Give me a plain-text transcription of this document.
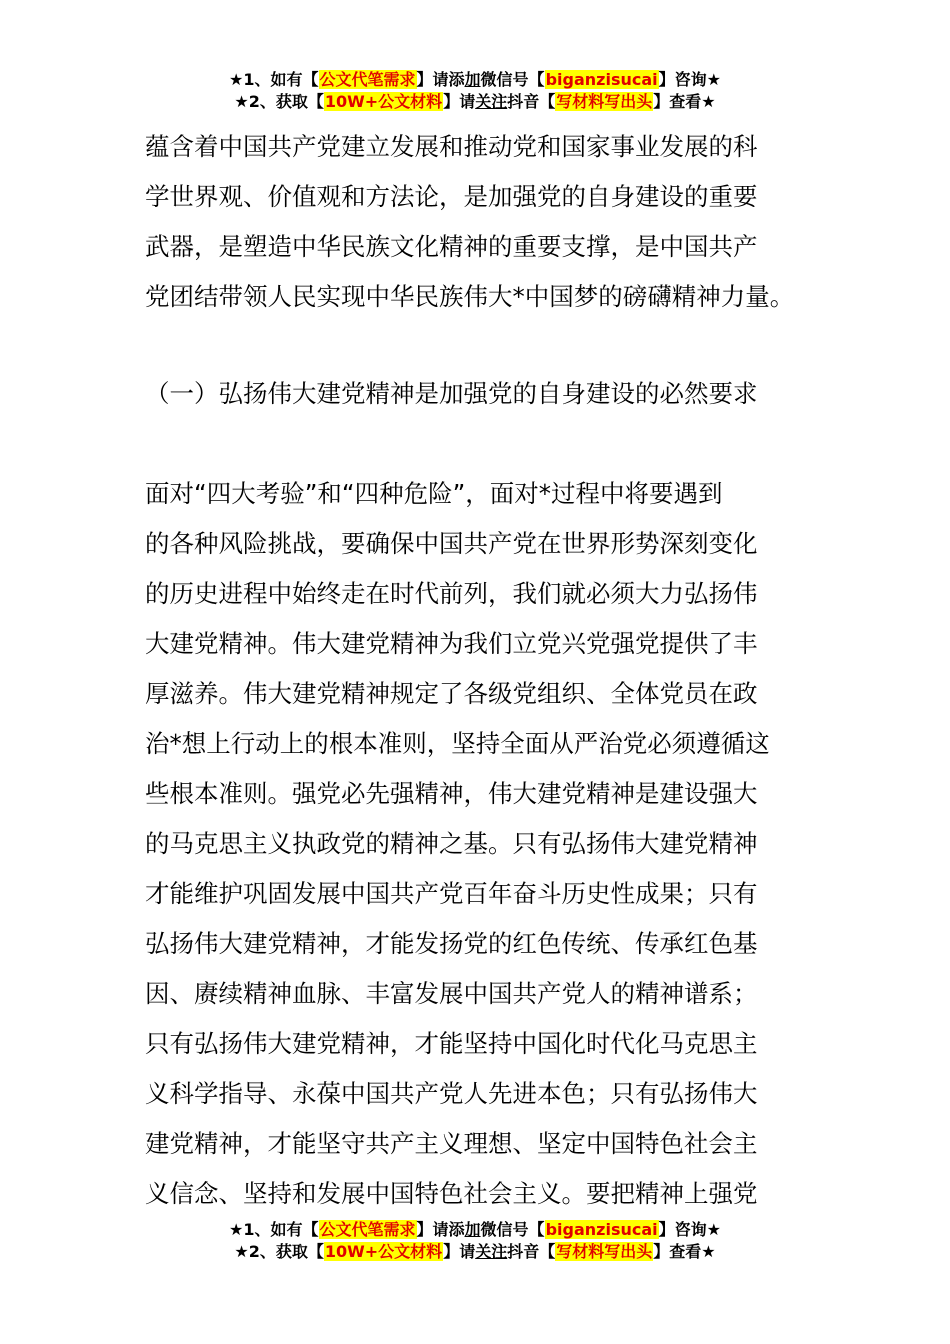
★1、如有【公文代笔需求】请添加微信号【biganzisucai】咨询★
★2、获取【10W+公文材料】请关注抖音【写材料写出头】查看★
蕴含着中国共产党建立发展和推动党和国家事业发展的科
学世界观、价值观和方法论，是加强党的自身建设的重要
武器，是塑造中华民族文化精神的重要支撑，是中国共产
党团结带领人民实现中华民族伟大*中国梦的磅礴精神力量。
（一）弘扬伟大建党精神是加强党的自身建设的必然要求
面对“四大考验”和“四种危险”，面对*过程中将要遇到
的各种风险挑战，要确保中国共产党在世界形势深刻变化
的历史进程中始终走在时代前列，我们就必须大力弘扬伟
大建党精神。伟大建党精神为我们立党兴党强党提供了丰
厚滋养。伟大建党精神规定了各级党组织、全体党员在政
治*想上行动上的根本准则，坚持全面从严治党必须遵循这
些根本准则。强党必先强精神，伟大建党精神是建设强大
的马克思主义执政党的精神之基。只有弘扬伟大建党精神
才能维护巩固发展中国共产党百年奋斗历史性成果；只有
弘扬伟大建党精神，才能发扬党的红色传统、传承红色基
因、赓续精神血脉、丰富发展中国共产党人的精神谱系；
只有弘扬伟大建党精神，才能坚持中国化时代化马克思主
义科学指导、永葆中国共产党人先进本色；只有弘扬伟大
建党精神，才能坚守共产主义理想、坚定中国特色社会主
义信念、坚持和发展中国特色社会主义。要把精神上强党
★1、如有【公文代笔需求】请添加微信号【biganzisucai】咨询★
★2、获取【10W+公文材料】请关注抖音【写材料写出头】查看★
